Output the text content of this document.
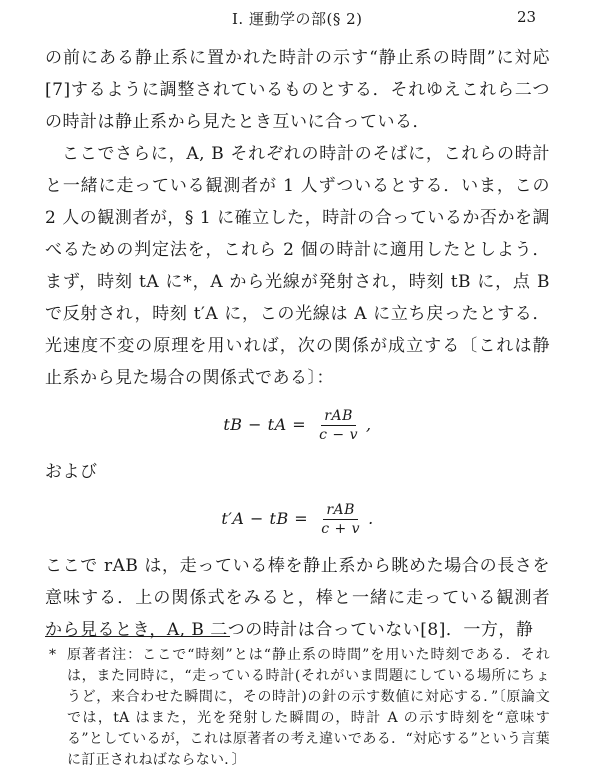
I. 運動学の部(§ 2)	23

の前にある静止系に置かれた時計の示す“静止系の時間”に対応[7]するように調整されているものとする．それゆえこれら二つの時計は静止系から見たとき互いに合っている．

ここでさらに，A, B それぞれの時計のそばに，これらの時計と一緒に走っている観測者が 1 人ずついるとする．いま，この 2 人の観測者が，§ 1 に確立した，時計の合っているか否かを調べるための判定法を，これら 2 個の時計に適用したとしよう．まず，時刻 tA に*，A から光線が発射され，時刻 tB に，点 B で反射され，時刻 t′A に，この光線は A に立ち戻ったとする．光速度不変の原理を用いれば，次の関係が成立する〔これは静止系から見た場合の関係式である〕：

tB − tA = $\frac{\text{rAB}}{c - v}$ ,

および

t′A − tB = $\frac{\text{rAB}}{c + v}$ .

ここで rAB は，走っている棒を静止系から眺めた場合の長さを意味する．上の関係式をみると，棒と一緒に走っている観測者から見るとき，A, B 二つの時計は合っていない[8]．一方，静

* 原著者注：ここで“時刻”とは“静止系の時間”を用いた時刻である．それは，また同時に，“走っている時計(それがいま問題にしている場所にちょうど，来合わせた瞬間に，その時計)の針の示す数値に対応する．”〔原論文では，tA はまた，光を発射した瞬間の，時計 A の示す時刻を“意味する”としているが，これは原著者の考え違いである．“対応する”という言葉に訂正されねばならない．〕
